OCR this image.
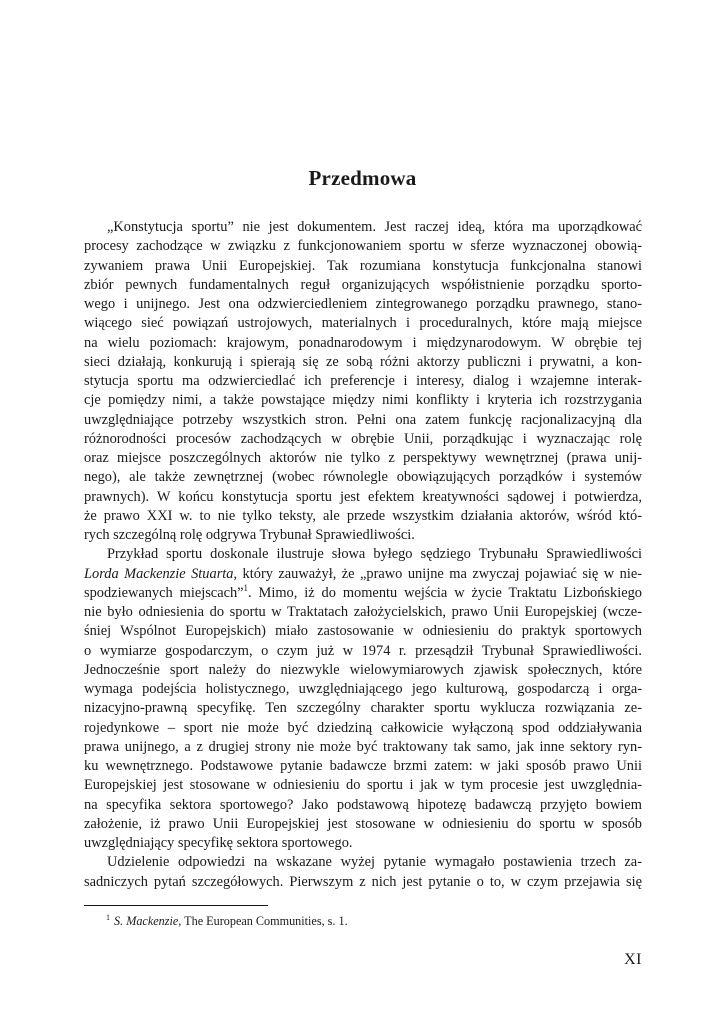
Przedmowa
„Konstytucja sportu” nie jest dokumentem. Jest raczej ideą, która ma uporządkować
procesy zachodzące w związku z funkcjonowaniem sportu w sferze wyznaczonej obowią-
zywaniem prawa Unii Europejskiej. Tak rozumiana konstytucja funkcjonalna stanowi
zbiór pewnych fundamentalnych reguł organizujących współistnienie porządku sporto-
wego i unijnego. Jest ona odzwierciedleniem zintegrowanego porządku prawnego, stano-
wiącego sieć powiązań ustrojowych, materialnych i proceduralnych, które mają miejsce
na wielu poziomach: krajowym, ponadnarodowym i międzynarodowym. W obrębie tej
sieci działają, konkurują i spierają się ze sobą różni aktorzy publiczni i prywatni, a kon-
stytucja sportu ma odzwierciedlać ich preferencje i interesy, dialog i wzajemne interak-
cje pomiędzy nimi, a także powstające między nimi konflikty i kryteria ich rozstrzygania
uwzględniające potrzeby wszystkich stron. Pełni ona zatem funkcję racjonalizacyjną dla
różnorodności procesów zachodzących w obrębie Unii, porządkując i wyznaczając rolę
oraz miejsce poszczególnych aktorów nie tylko z perspektywy wewnętrznej (prawa unij-
nego), ale także zewnętrznej (wobec równolegle obowiązujących porządków i systemów
prawnych). W końcu konstytucja sportu jest efektem kreatywności sądowej i potwierdza,
że prawo XXI w. to nie tylko teksty, ale przede wszystkim działania aktorów, wśród któ-
rych szczególną rolę odgrywa Trybunał Sprawiedliwości.
Przykład sportu doskonale ilustruje słowa byłego sędziego Trybunału Sprawiedliwości
Lorda Mackenzie Stuarta, który zauważył, że „prawo unijne ma zwyczaj pojawiać się w nie-
spodziewanych miejscach”$^1$. Mimo, iż do momentu wejścia w życie Traktatu Lizbońskiego
nie było odniesienia do sportu w Traktatach założycielskich, prawo Unii Europejskiej (wcze-
śniej Wspólnot Europejskich) miało zastosowanie w odniesieniu do praktyk sportowych
o wymiarze gospodarczym, o czym już w 1974 r. przesądził Trybunał Sprawiedliwości.
Jednocześnie sport należy do niezwykle wielowymiarowych zjawisk społecznych, które
wymaga podejścia holistycznego, uwzględniającego jego kulturową, gospodarczą i orga-
nizacyjno-prawną specyfikę. Ten szczególny charakter sportu wyklucza rozwiązania ze-
rojedynkowe – sport nie może być dziedziną całkowicie wyłączoną spod oddziaływania
prawa unijnego, a z drugiej strony nie może być traktowany tak samo, jak inne sektory ryn-
ku wewnętrznego. Podstawowe pytanie badawcze brzmi zatem: w jaki sposób prawo Unii
Europejskiej jest stosowane w odniesieniu do sportu i jak w tym procesie jest uwzględnia-
na specyfika sektora sportowego? Jako podstawową hipotezę badawczą przyjęto bowiem
założenie, iż prawo Unii Europejskiej jest stosowane w odniesieniu do sportu w sposób
uwzględniający specyfikę sektora sportowego.
Udzielenie odpowiedzi na wskazane wyżej pytanie wymagało postawienia trzech za-
sadniczych pytań szczegółowych. Pierwszym z nich jest pytanie o to, w czym przejawia się
$^1$ S. Mackenzie, The European Communities, s. 1.
XI
